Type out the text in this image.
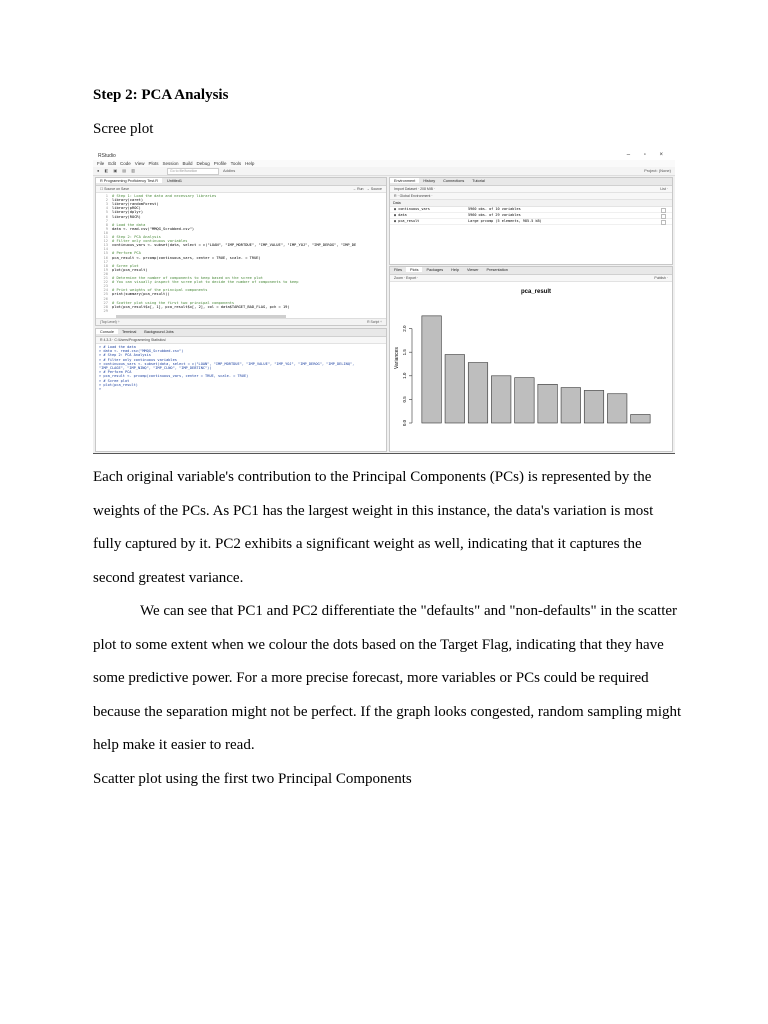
Step 2: PCA Analysis
Scree plot
RStudio	– ▫ ×
File Edit Code View Plots Session Build Debug Profile Tools Help
● ◧ ▣ ▤ ▥	Go to file/function	Addins	Project: (None)
R Programming Proficiency Test.R Untitled1
☐ Source on Save	→ Run → Source
1 # Step 1: Load the data and necessary libraries
2 library(caret)
3 library(randomForest)
4 library(pROC)
5 library(dplyr)
6 library(ROCR)
7
8 # Load the data
9 data <- read.csv("MMQG_Scrubbed.csv")
10
11 # Step 2: PCA Analysis
12 # Filter only continuous variables
13 continuous_vars <- subset(data, select = c("LOAN", "IMP_MORTDUE", "IMP_VALUE", "IMP_YOJ", "IMP_DEROG", "IMP_DE
14
15 # Perform PCA
16 pca_result <- prcomp(continuous_vars, center = TRUE, scale. = TRUE)
17
18 # Scree plot
19 plot(pca_result)
20
21 # Determine the number of components to keep based on the scree plot
22 # You can visually inspect the scree plot to decide the number of components to keep
23
24 # Print weights of the principal components
25 print(summary(pca_result))
26
27 # Scatter plot using the first two principal components
28 plot(pca_result$x[, 1], pca_result$x[, 2], col = data$TARGET_BAD_FLAG, pch = 19)
29
(Top Level) ÷	R Script ÷
Console Terminal Background Jobs
R 4.3.3 · C:/Users/Programming Statistics/
> # Load the data
> data <- read.csv("MMQG_Scrubbed.csv")
> # Step 2: PCA Analysis
> # Filter only continuous variables
> continuous_vars <- subset(data, select = c("LOAN", "IMP_MORTDUE", "IMP_VALUE", "IMP_YOJ", "IMP_DEROG", "IMP_DELINQ",
"IMP_CLAGE", "IMP_NINQ", "IMP_CLNO", "IMP_DEBTINC"))
> # Perform PCA
> pca_result <- prcomp(continuous_vars, center = TRUE, scale. = TRUE)
> # Scree plot
> plot(pca_result)
>
Environment History Connections Tutorial
Import Dataset · 208 MiB ·	List ·
R · Global Environment ·
Data
◉ continuous_vars	5960 obs. of 10 variables
◉ data	5960 obs. of 29 variables
◉ pca_result	Large prcomp (5 elements, 985.5 kB)
Files Plots Packages Help Viewer Presentation
Zoom · Export ·	Publish ·
pca_result
Variances
0.0
0.5
1.0
1.5
2.0

Each original variable's contribution to the Principal Components (PCs) is represented by the weights of the PCs. As PC1 has the largest weight in this instance, the data's variation is most fully captured by it. PC2 exhibits a significant weight as well, indicating that it captures the second greatest variance.

We can see that PC1 and PC2 differentiate the "defaults" and "non-defaults" in the scatter plot to some extent when we colour the dots based on the Target Flag, indicating that they have some predictive power. For a more precise forecast, more variables or PCs could be required because the separation might not be perfect. If the graph looks congested, random sampling might help make it easier to read.

Scatter plot using the first two Principal Components
